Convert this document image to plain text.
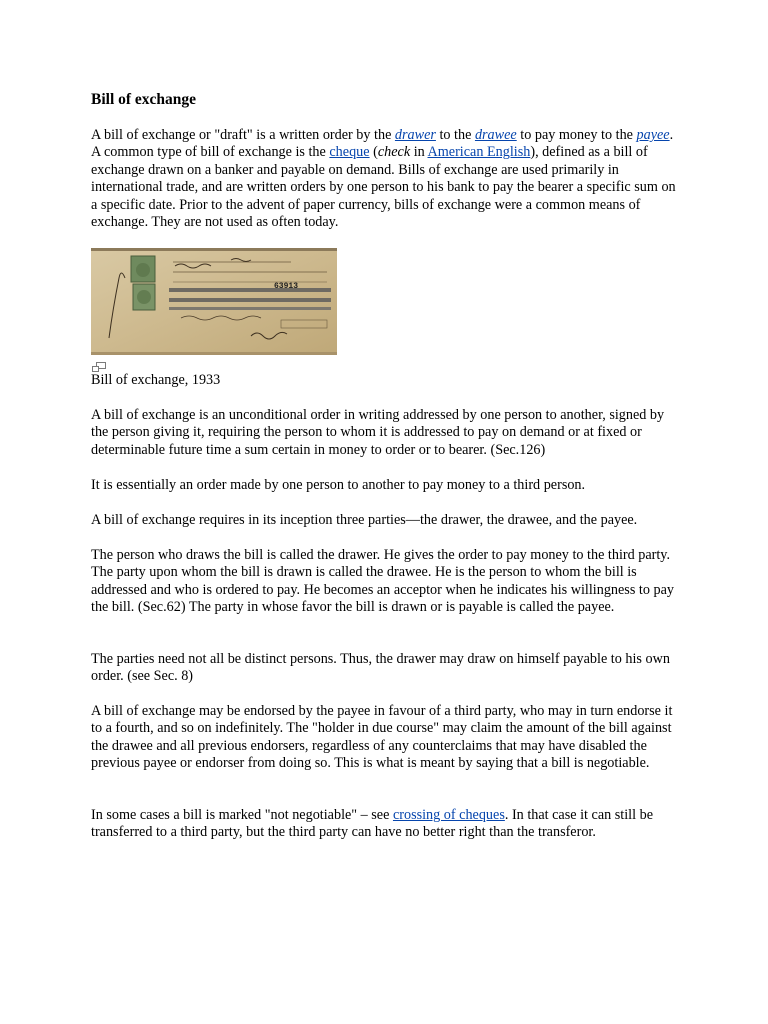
Bill of exchange

A bill of exchange or "draft" is a written order by the drawer to the drawee to pay money to the payee. A common type of bill of exchange is the cheque (check in American English), defined as a bill of exchange drawn on a banker and payable on demand. Bills of exchange are used primarily in international trade, and are written orders by one person to his bank to pay the bearer a specific sum on a specific date. Prior to the advent of paper currency, bills of exchange were a common means of exchange. They are not used as often today.

63913

Bill of exchange, 1933

A bill of exchange is an unconditional order in writing addressed by one person to another, signed by the person giving it, requiring the person to whom it is addressed to pay on demand or at fixed or determinable future time a sum certain in money to order or to bearer. (Sec.126)

It is essentially an order made by one person to another to pay money to a third person.

A bill of exchange requires in its inception three parties—the drawer, the drawee, and the payee.

The person who draws the bill is called the drawer. He gives the order to pay money to the third party. The party upon whom the bill is drawn is called the drawee. He is the person to whom the bill is addressed and who is ordered to pay. He becomes an acceptor when he indicates his willingness to pay the bill. (Sec.62) The party in whose favor the bill is drawn or is payable is called the payee.

The parties need not all be distinct persons. Thus, the drawer may draw on himself payable to his own order. (see Sec. 8)

A bill of exchange may be endorsed by the payee in favour of a third party, who may in turn endorse it to a fourth, and so on indefinitely. The "holder in due course" may claim the amount of the bill against the drawee and all previous endorsers, regardless of any counterclaims that may have disabled the previous payee or endorser from doing so. This is what is meant by saying that a bill is negotiable.

In some cases a bill is marked "not negotiable" – see crossing of cheques. In that case it can still be transferred to a third party, but the third party can have no better right than the transferor.
